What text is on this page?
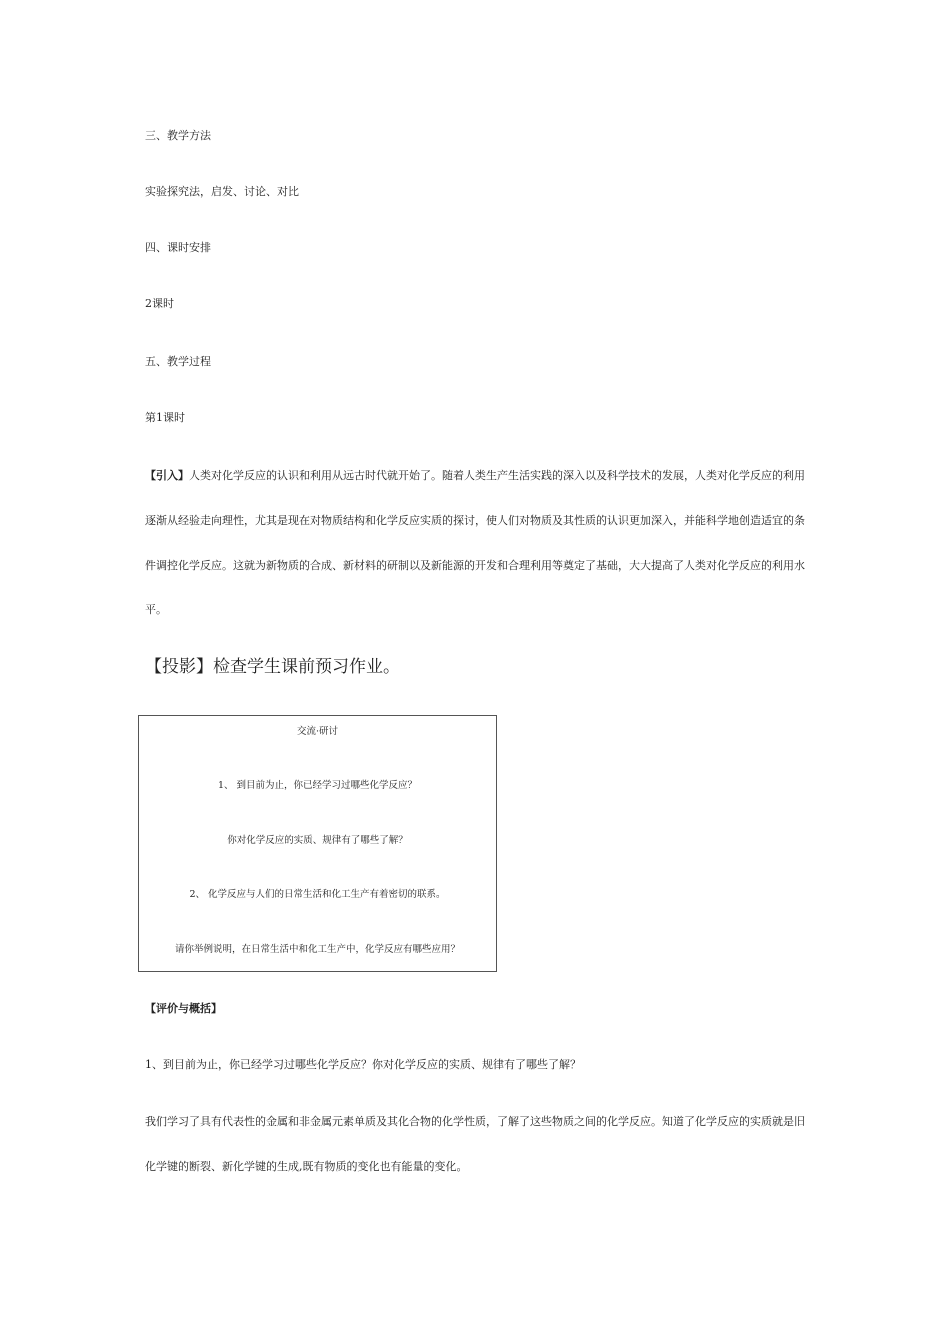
三、教学方法

实验探究法，启发、讨论、对比

四、课时安排

2课时

五、教学过程

第1课时

【引入】人类对化学反应的认识和利用从远古时代就开始了。随着人类生产生活实践的深入以及科学技术的发展，人类对化学反应的利用

逐渐从经验走向理性，尤其是现在对物质结构和化学反应实质的探讨，使人们对物质及其性质的认识更加深入，并能科学地创造适宜的条

件调控化学反应。这就为新物质的合成、新材料的研制以及新能源的开发和合理利用等奠定了基础，大大提高了人类对化学反应的利用水

平。

【投影】检查学生课前预习作业。

交流·研讨

1、 到目前为止，你已经学习过哪些化学反应？

你对化学反应的实质、规律有了哪些了解？

2、 化学反应与人们的日常生活和化工生产有着密切的联系。

请你举例说明，在日常生活中和化工生产中，化学反应有哪些应用？

【评价与概括】

1、到目前为止，你已经学习过哪些化学反应？你对化学反应的实质、规律有了哪些了解？

我们学习了具有代表性的金属和非金属元素单质及其化合物的化学性质，了解了这些物质之间的化学反应。知道了化学反应的实质就是旧

化学键的断裂、新化学键的生成,既有物质的变化也有能量的变化。
